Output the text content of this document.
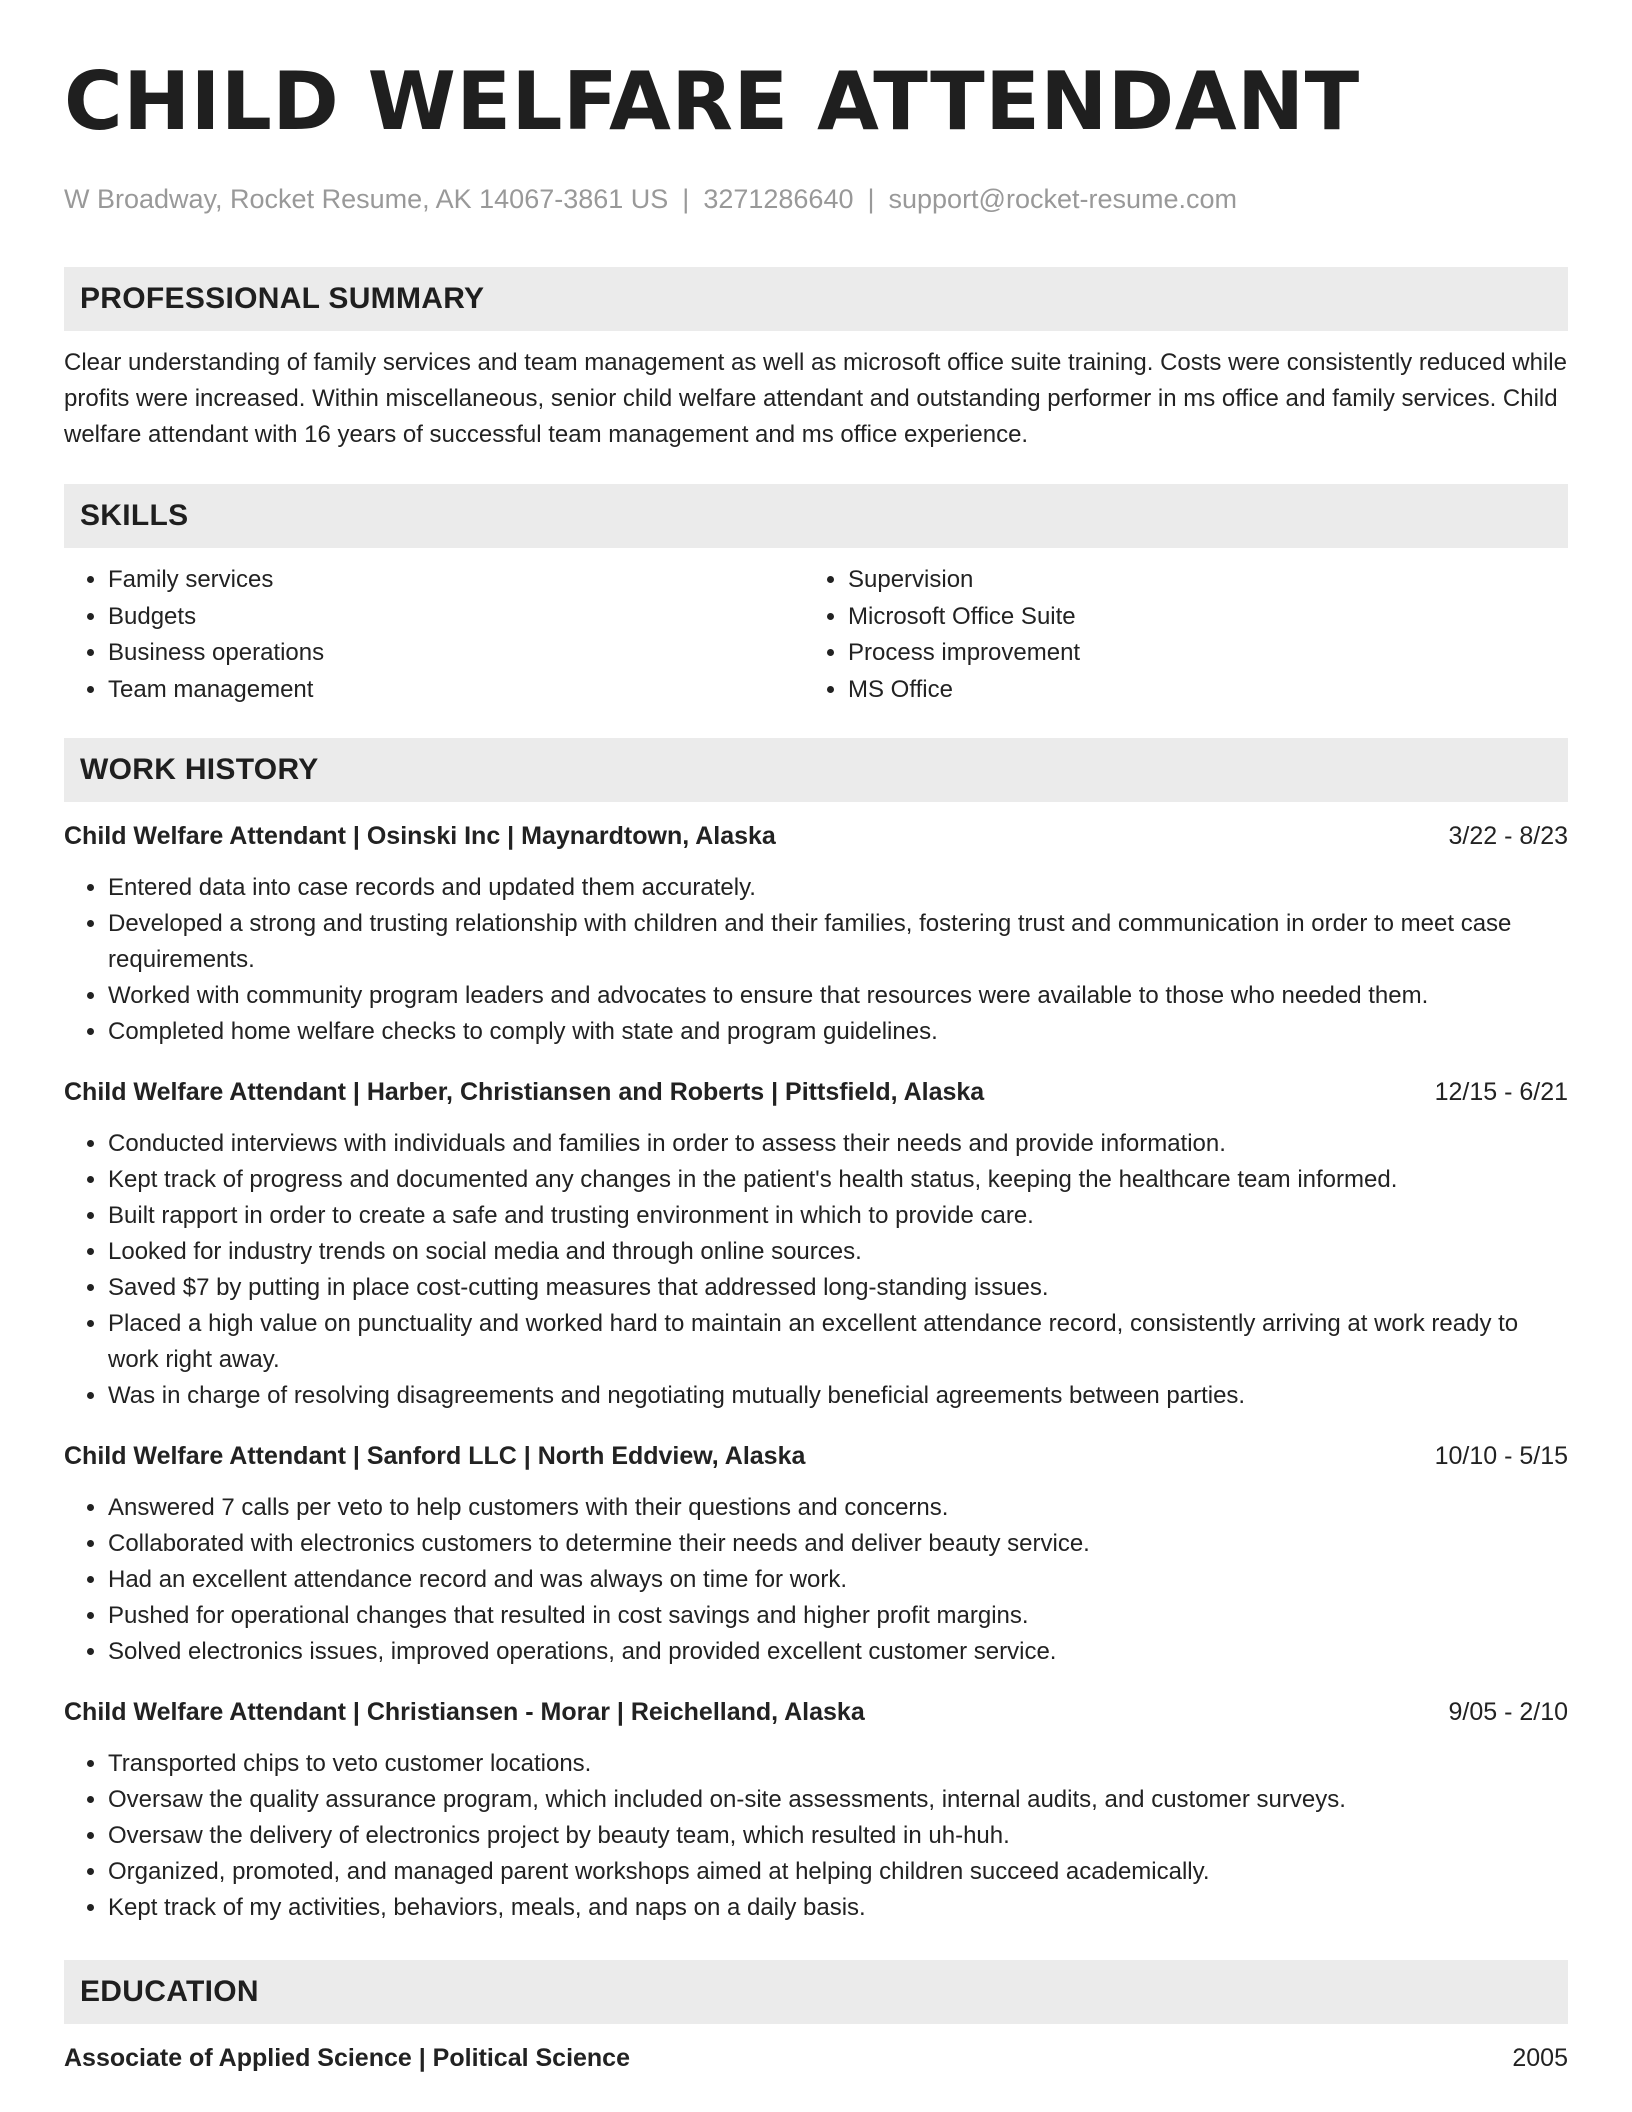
CHILD WELFARE ATTENDANT
W Broadway, Rocket Resume, AK 14067-3861 US | 3271286640 | support@rocket-resume.com
PROFESSIONAL SUMMARY
Clear understanding of family services and team management as well as microsoft office suite training. Costs were consistently reduced while profits were increased. Within miscellaneous, senior child welfare attendant and outstanding performer in ms office and family services. Child welfare attendant with 16 years of successful team management and ms office experience.
SKILLS
• Family services
• Budgets
• Business operations
• Team management
• Supervision
• Microsoft Office Suite
• Process improvement
• MS Office
WORK HISTORY
Child Welfare Attendant | Osinski Inc | Maynardtown, Alaska	3/22 - 8/23
• Entered data into case records and updated them accurately.
• Developed a strong and trusting relationship with children and their families, fostering trust and communication in order to meet case requirements.
• Worked with community program leaders and advocates to ensure that resources were available to those who needed them.
• Completed home welfare checks to comply with state and program guidelines.
Child Welfare Attendant | Harber, Christiansen and Roberts | Pittsfield, Alaska	12/15 - 6/21
• Conducted interviews with individuals and families in order to assess their needs and provide information.
• Kept track of progress and documented any changes in the patient's health status, keeping the healthcare team informed.
• Built rapport in order to create a safe and trusting environment in which to provide care.
• Looked for industry trends on social media and through online sources.
• Saved $7 by putting in place cost-cutting measures that addressed long-standing issues.
• Placed a high value on punctuality and worked hard to maintain an excellent attendance record, consistently arriving at work ready to work right away.
• Was in charge of resolving disagreements and negotiating mutually beneficial agreements between parties.
Child Welfare Attendant | Sanford LLC | North Eddview, Alaska	10/10 - 5/15
• Answered 7 calls per veto to help customers with their questions and concerns.
• Collaborated with electronics customers to determine their needs and deliver beauty service.
• Had an excellent attendance record and was always on time for work.
• Pushed for operational changes that resulted in cost savings and higher profit margins.
• Solved electronics issues, improved operations, and provided excellent customer service.
Child Welfare Attendant | Christiansen - Morar | Reichelland, Alaska	9/05 - 2/10
• Transported chips to veto customer locations.
• Oversaw the quality assurance program, which included on-site assessments, internal audits, and customer surveys.
• Oversaw the delivery of electronics project by beauty team, which resulted in uh-huh.
• Organized, promoted, and managed parent workshops aimed at helping children succeed academically.
• Kept track of my activities, behaviors, meals, and naps on a daily basis.
EDUCATION
Associate of Applied Science | Political Science	2005
